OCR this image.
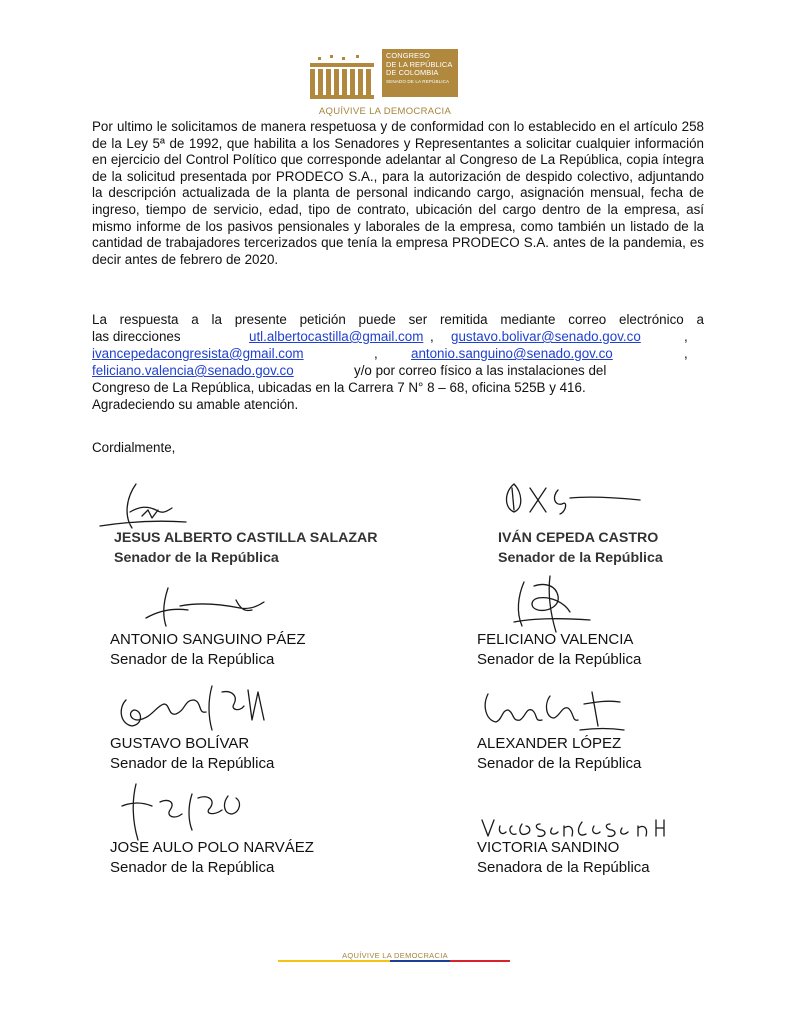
CONGRESO
DE LA REPÚBLICA
DE COLOMBIA
SENADO DE LA REPÚBLICA
AQUÍVIVE LA DEMOCRACIA

Por ultimo le solicitamos de manera respetuosa y de conformidad con lo establecido en el artículo 258 de la Ley 5ª de 1992, que habilita a los Senadores y Representantes a solicitar cualquier información en ejercicio del Control Político que corresponde adelantar al Congreso de La República, copia íntegra de la solicitud presentada por PRODECO S.A., para la autorización de despido colectivo, adjuntando la descripción actualizada de la planta de personal indicando cargo, asignación mensual, fecha de ingreso, tiempo de servicio, edad, tipo de contrato, ubicación del cargo dentro de la empresa, así mismo informe de los pasivos pensionales y laborales de la empresa, como también un listado de la cantidad de trabajadores tercerizados que tenía la empresa PRODECO S.A. antes de la pandemia, es decir antes de febrero de 2020.

La respuesta a la presente petición puede ser remitida mediante correo electrónico a
las direcciones	utl.albertocastilla@gmail.com , gustavo.bolivar@senado.gov.co	,
ivancepedacongresista@gmail.com	, antonio.sanguino@senado.gov.co	,
feliciano.valencia@senado.gov.co	y/o por correo físico a las instalaciones del
Congreso de La República, ubicadas en la Carrera 7 N° 8 – 68, oficina 525B y 416.
Agradeciendo su amable atención.
Cordialmente,
JESUS ALBERTO CASTILLA SALAZAR
Senador de la República
IVÁN CEPEDA CASTRO
Senador de la República
ANTONIO SANGUINO PÁEZ
Senador de la República
FELICIANO VALENCIA
Senador de la República
GUSTAVO BOLÍVAR
Senador de la República
ALEXANDER LÓPEZ
Senador de la República
JOSE AULO POLO NARVÁEZ
Senador de la República
VICTORIA SANDINO
Senadora de la República
AQUÍVIVE LA DEMOCRACIA
